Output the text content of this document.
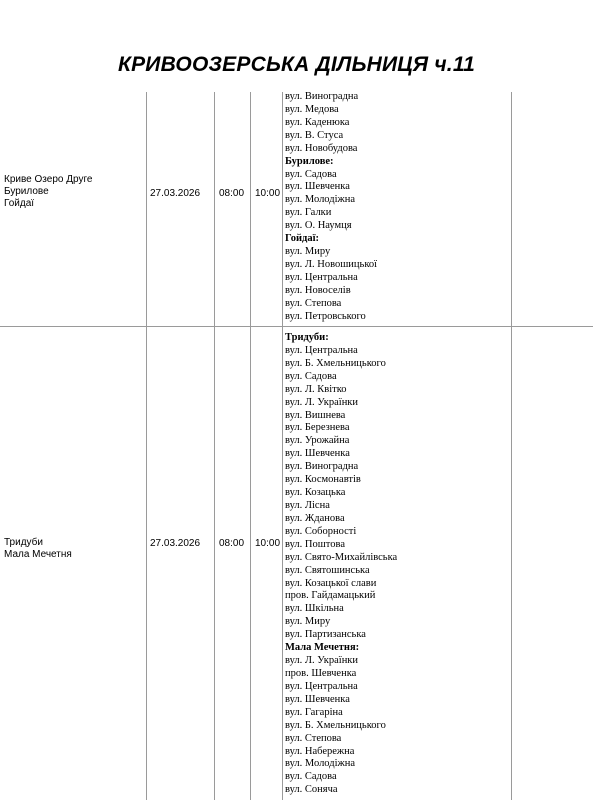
КРИВООЗЕРСЬКА ДІЛЬНИЦЯ ч.11
Криве Озеро Друге
Бурилове
Гойдаї
27.03.2026 08:00 10:00
вул. Виноградна
вул. Медова
вул. Каденюка
вул. В. Стуса
вул. Новобудова
Бурилове:
вул. Садова
вул. Шевченка
вул. Молодіжна
вул. Галки
вул. О. Наумця
Гойдаї:
вул. Миру
вул. Л. Новошицької
вул. Центральна
вул. Новоселів
вул. Степова
вул. Петровського
Тридуби
Мала Мечетня
27.03.2026 08:00 10:00
Тридуби:
вул. Центральна
вул. Б. Хмельницького
вул. Садова
вул. Л. Квітко
вул. Л. Українки
вул. Вишнева
вул. Березнева
вул. Урожайна
вул. Шевченка
вул. Виноградна
вул. Космонавтів
вул. Козацька
вул. Лісна
вул. Жданова
вул. Соборності
вул. Поштова
вул. Свято-Михайлівська
вул. Святошинська
вул. Козацької слави
пров. Гайдамацький
вул. Шкільна
вул. Миру
вул. Партизанська
Мала Мечетня:
вул. Л. Українки
пров. Шевченка
вул. Центральна
вул. Шевченка
вул. Гагаріна
вул. Б. Хмельницького
вул. Степова
вул. Набережна
вул. Молодіжна
вул. Садова
вул. Соняча
